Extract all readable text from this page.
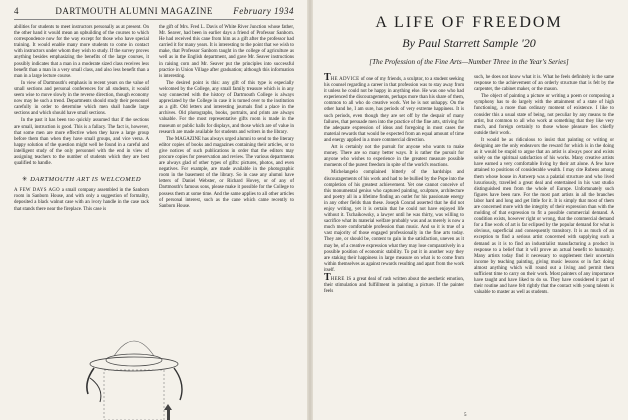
4	DARTMOUTH ALUMNI MAGAZINE	February 1934

abilities for students to meet instructors personally as at present. On the other hand it would mean an upbuilding of the courses to which correspondence now for the way except for those who have special training. It would enable many more students to come in contact with instructors under whom they wish to study. If the survey proves anything besides emphasizing the benefits of the large courses, it possibly indicates that a man in a moderate sized class receives less benefit than a man in a very small class, and also less benefit than a man in a large lecture course.

In view of Dartmouth's emphasis in recent years on the value of small sections and personal conferences for all students, it would seem wise to move slowly in the reverse direction, though economy now may be such a trend. Departments should study their personnel carefully in order to determine which men shall handle large sections and which should have small sections.

In the past it has been too quickly assumed that if the sections are small, instruction is good. This is a fallacy. The fact is, however, that some men are more effective when they have a large group before them than when they have small groups, and vice versa. A happy solution of the question might well be found in a careful and intelligent study of the only personnel with the end in view of assigning teachers to the number of students which they are best qualified to handle.

✳ DARTMOUTH ART IS WELCOMED

A FEW DAYS AGO a small company assembled in the Sanborn room in Sanborn House, and with only a suggestion of formality, deposited a black walnut case with an ivory handle in the case rack that stands there near the fireplace. This case is

the gift of Mrs. Fred L. Davis of White River Junction whose father, Mr. Seaver, had been in earlier days a friend of Professor Sanborn. He had received this cane from him as a gift after the professor had carried it for many years. It is interesting to the point that we wish to make, that Professor Sanborn taught in the college of agriculture as well as in the English department, and gave Mr. Seaver instructions in raising corn and Mr. Seaver put the principles into successful practice in Union Village after graduation; although this information is interesting.

The desired point is this: any gift of this type is especially welcomed by the College, any small family treasure which is in any way connected with the history of Dartmouth College is always appreciated by the College in case it is turned over to the institution as a gift. Old letters and interesting journals find a place in the archives. Old photographs, books, portraits, and prints are always valuable. For the most representative gifts room is made in the museum or public halls for displays, and those which are of value in research are made available for students and writers in the library.

The MAGAZINE has always urged alumni to send to the literary editor copies of books and magazines containing their articles, or to give notices of such publications in order that the editors may procure copies for preservation and review. The various departments are always glad of other types of gifts: pictures, photos, and even negatives. For example, are made available in the photographic room in the basement of the library. So in case any alumni have letters of Daniel Webster, or Richard Hovey, or of any of Dartmouth's famous sons, please make it possible for the College to possess them at some time. And the same applies to all other articles of personal interest, such as the cane which came recently to Sanborn House.

A LIFE OF FREEDOM
By Paul Starrett Sample '20
[The Profession of the Fine Arts—Number Three in the Year's Series]

THE ADVICE of one of my friends, a sculptor, to a student seeking his counsel regarding a career in that profession was to stay away from it unless he could not be happy in anything else. He was one who had experienced the discouragements, perhaps more than his share of them, common to all who do creative work. Yet he is not unhappy. On the other hand he, I am sure, has periods of very extreme happiness. It is such periods, even though they are set off by the despair of many failures, that persuade men into the practice of the fine arts, striving for the adequate expression of ideas and foregoing in most cases the material rewards that would be expected from an equal amount of time and energy applied in a more commercial direction.

Art is certainly not the pursuit for anyone who wants to make money. There are so many better ways. It is rather the pursuit for anyone who wishes to experience in the greatest measure possible moments of the purest freedom in spite of the world's reactions.

Michelangelo complained bitterly of the hardships and discouragements of his work and had to be bullied by the Pope into the completion of his greatest achievement. Yet one cannot conceive of this monumental genius who captured painting, sculpture, architecture and poetry all in a lifetime finding an outlet for his passionate energy in any other fields than these. Joseph Conrad asserted that he did not enjoy writing, yet it is certain that he could not have enjoyed life without it. Tschaikowsky, a lawyer until he was thirty, was willing to sacrifice what its material welfare probably was and as merely is now a much more comfortable profession than music. And so it is true of a vast majority of those engaged professionally in the fine arts today. They are, or should be, content to gain in the satisfaction, uneven as it may be, of a creative expression what they may lose comparatively in a possible position of economic stability. To put it in another way they are staking their happiness in large measure on what is to come from within themselves as against rewards resulting and apart from the work itself.

THERE IS a great deal of rash written about the aesthetic emotion, their stimulation and fulfillment in painting a picture. If the painter feels

such, he does not know what it is. What he feels definitely is the same response to the achievement of an orderly structure that is felt by the carpenter, the cabinet maker, or the mason.

The object of painting a picture or writing a poem or composing a symphony has to do largely with the attainment of a state of high functioning, a more than ordinary moment of existence. I like to consider this a usual state of being, not peculiar by any means to the artist, but common to all who work at something that they like very much, and foreign certainly to those whose pleasure lies chiefly outside their work.

It would be as ridiculous to insist that painting or writing or designing are the only endeavors the reward for which is in the doing as it would be stupid to argue that an artist is always poor and exists solely on the spiritual satisfaction of his works. Many creative artists have earned a very comfortable living by their art alone. A few have attained to positions of considerable wealth. I may cite Rubens among them whose house in Antwerp was a palatial structure and who lived luxuriously, travelled a great deal and entertained in his vast studio distinguished men from the whole of Europe. Unfortunately such figures have been rare. For the most part artists in all the branches labor hard and long and get little for it. It is simply that most of them are concerned more with the integrity of their expression than with the molding of that expression to fit a possible commercial demand. A condition exists, however right or wrong, that the commercial demand for a fine work of art is far eclipsed by the popular demand for what is obvious, superficial and consequently transitory. It is as much of an exception to find a serious artist concerned with supplying such a demand as it is to find an industrialist manufacturing a product in response to a belief that it will prove an actual benefit to humanity. Many artists today find it necessary to supplement their uncertain income by teaching painting, giving music lessons or in fact doing almost anything which will round out a living and permit them sufficient time to carry on their work. Most painters of any importance have taught and have liked to do so. They have considered it part of their routine and have felt rightly that the contact with young talents is valuable to master as well as students.

5
